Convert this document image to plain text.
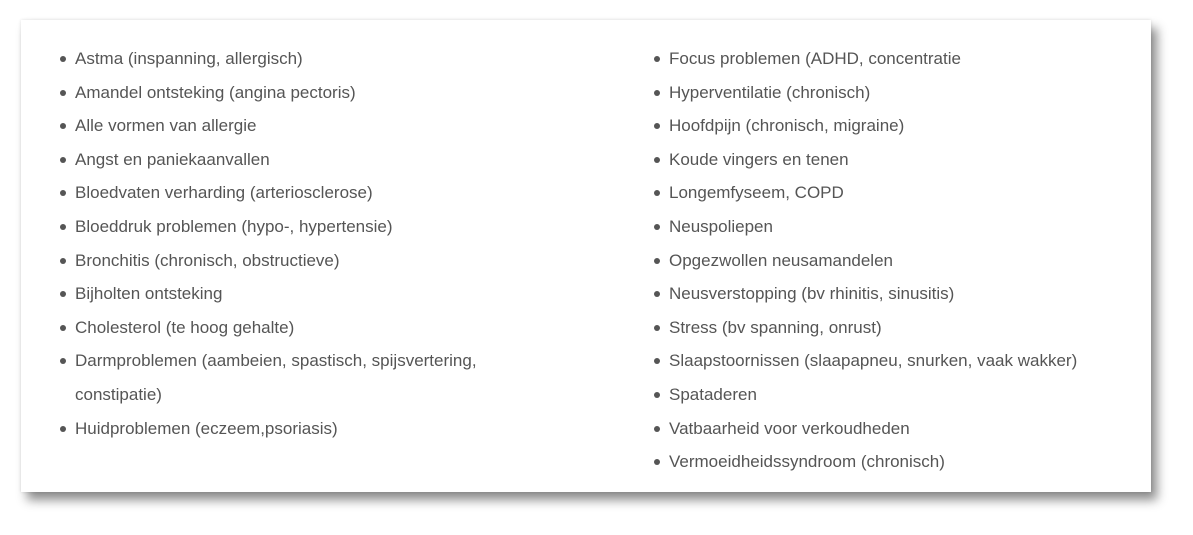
Astma (inspanning, allergisch)
Amandel ontsteking (angina pectoris)
Alle vormen van allergie
Angst en paniekaanvallen
Bloedvaten verharding (arteriosclerose)
Bloeddruk problemen (hypo-, hypertensie)
Bronchitis (chronisch, obstructieve)
Bijholten ontsteking
Cholesterol (te hoog gehalte)
Darmproblemen (aambeien, spastisch, spijsvertering, constipatie)
Huidproblemen (eczeem,psoriasis)
Focus problemen (ADHD, concentratie
Hyperventilatie (chronisch)
Hoofdpijn (chronisch, migraine)
Koude vingers en tenen
Longemfyseem, COPD
Neuspoliepen
Opgezwollen neusamandelen
Neusverstopping (bv rhinitis, sinusitis)
Stress (bv spanning, onrust)
Slaapstoornissen (slaapapneu, snurken, vaak wakker)
Spataderen
Vatbaarheid voor verkoudheden
Vermoeidheidssyndroom (chronisch)
